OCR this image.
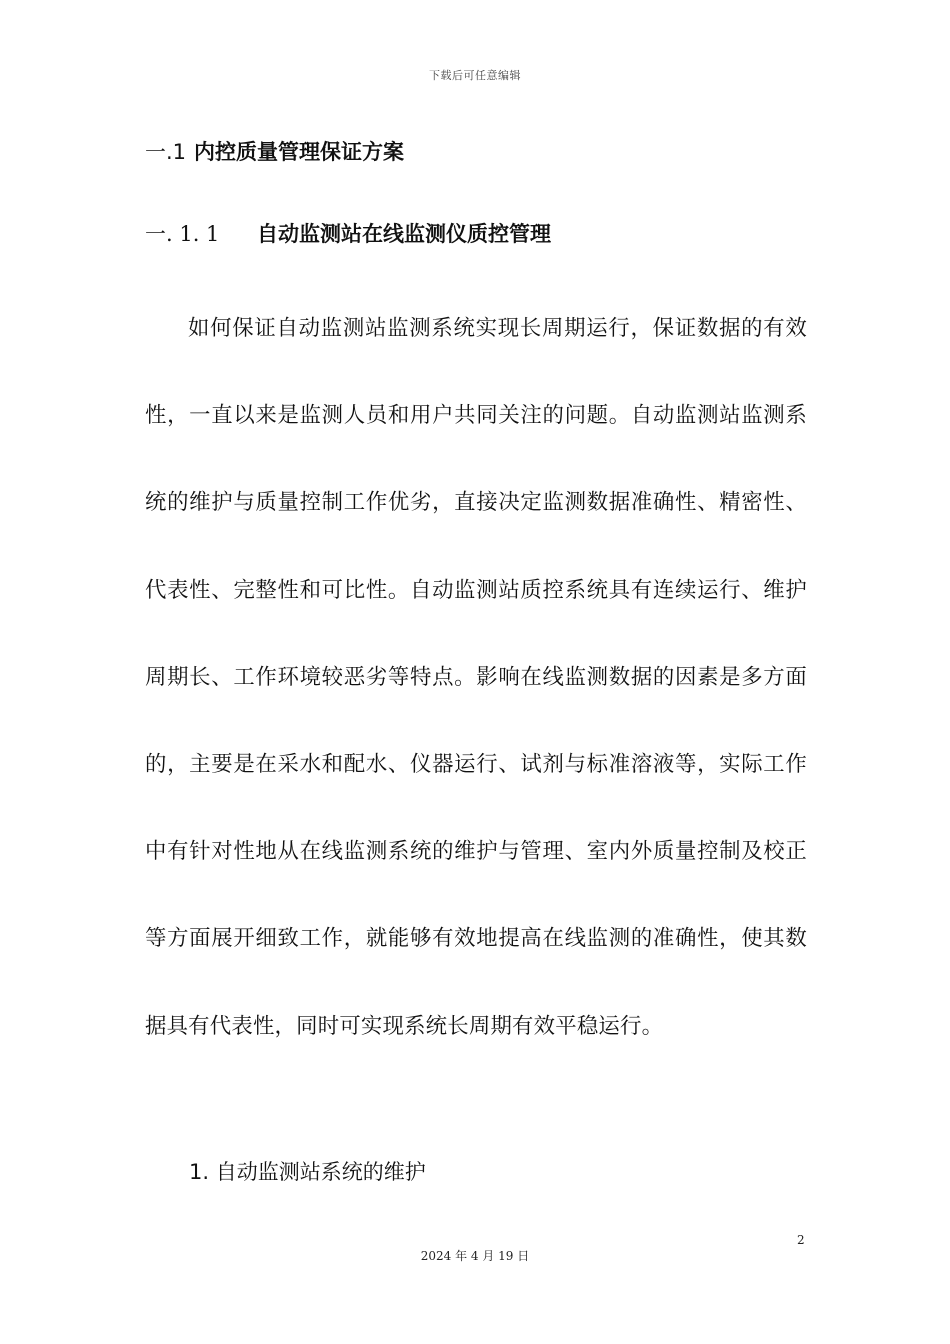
下载后可任意编辑
一.1 内控质量管理保证方案
一. 1. 1 自动监测站在线监测仪质控管理

如何保证自动监测站监测系统实现长周期运行，保证数据的有效性，一直以来是监测人员和用户共同关注的问题。自动监测站监测系统的维护与质量控制工作优劣，直接决定监测数据准确性、精密性、代表性、完整性和可比性。自动监测站质控系统具有连续运行、维护周期长、工作环境较恶劣等特点。影响在线监测数据的因素是多方面的，主要是在采水和配水、仪器运行、试剂与标准溶液等，实际工作中有针对性地从在线监测系统的维护与管理、室内外质量控制及校正等方面展开细致工作，就能够有效地提高在线监测的准确性，使其数据具有代表性，同时可实现系统长周期有效平稳运行。

1. 自动监测站系统的维护
2
2024 年 4 月 19 日
